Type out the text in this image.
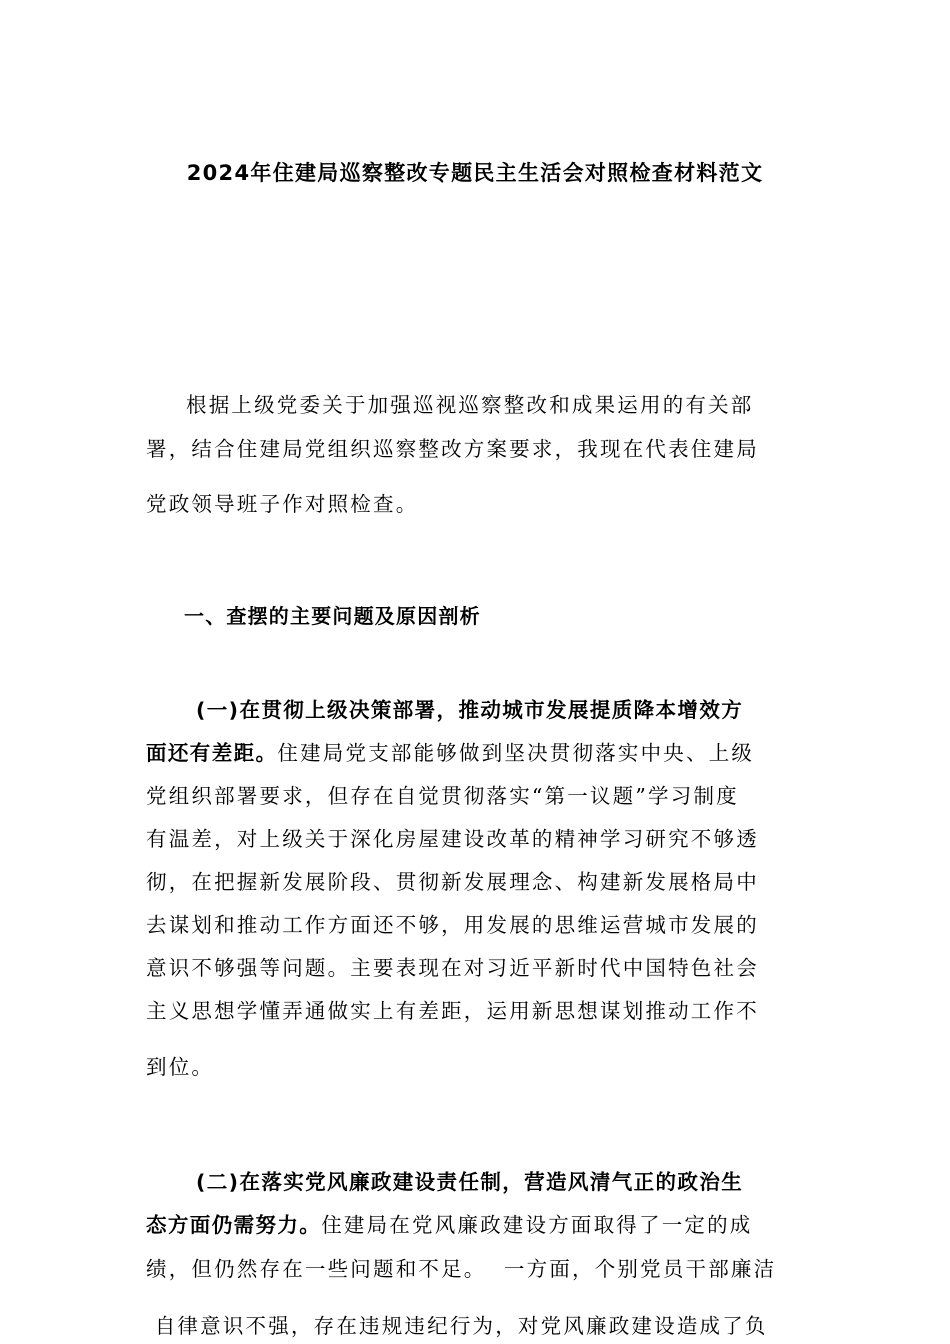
2024年住建局巡察整改专题民主生活会对照检查材料范文
根据上级党委关于加强巡视巡察整改和成果运用的有关部
署，结合住建局党组织巡察整改方案要求，我现在代表住建局
党政领导班子作对照检查。
一、查摆的主要问题及原因剖析
(一)在贯彻上级决策部署，推动城市发展提质降本增效方
面还有差距。住建局党支部能够做到坚决贯彻落实中央、上级
党组织部署要求，但存在自觉贯彻落实“第一议题”学习制度
有温差，对上级关于深化房屋建设改革的精神学习研究不够透
彻，在把握新发展阶段、贯彻新发展理念、构建新发展格局中
去谋划和推动工作方面还不够，用发展的思维运营城市发展的
意识不够强等问题。主要表现在对习近平新时代中国特色社会
主义思想学懂弄通做实上有差距，运用新思想谋划推动工作不
到位。
(二)在落实党风廉政建设责任制，营造风清气正的政治生
态方面仍需努力。住建局在党风廉政建设方面取得了一定的成
绩，但仍然存在一些问题和不足。  一方面，个别党员干部廉洁
自律意识不强，存在违规违纪行为，对党风廉政建设造成了负
